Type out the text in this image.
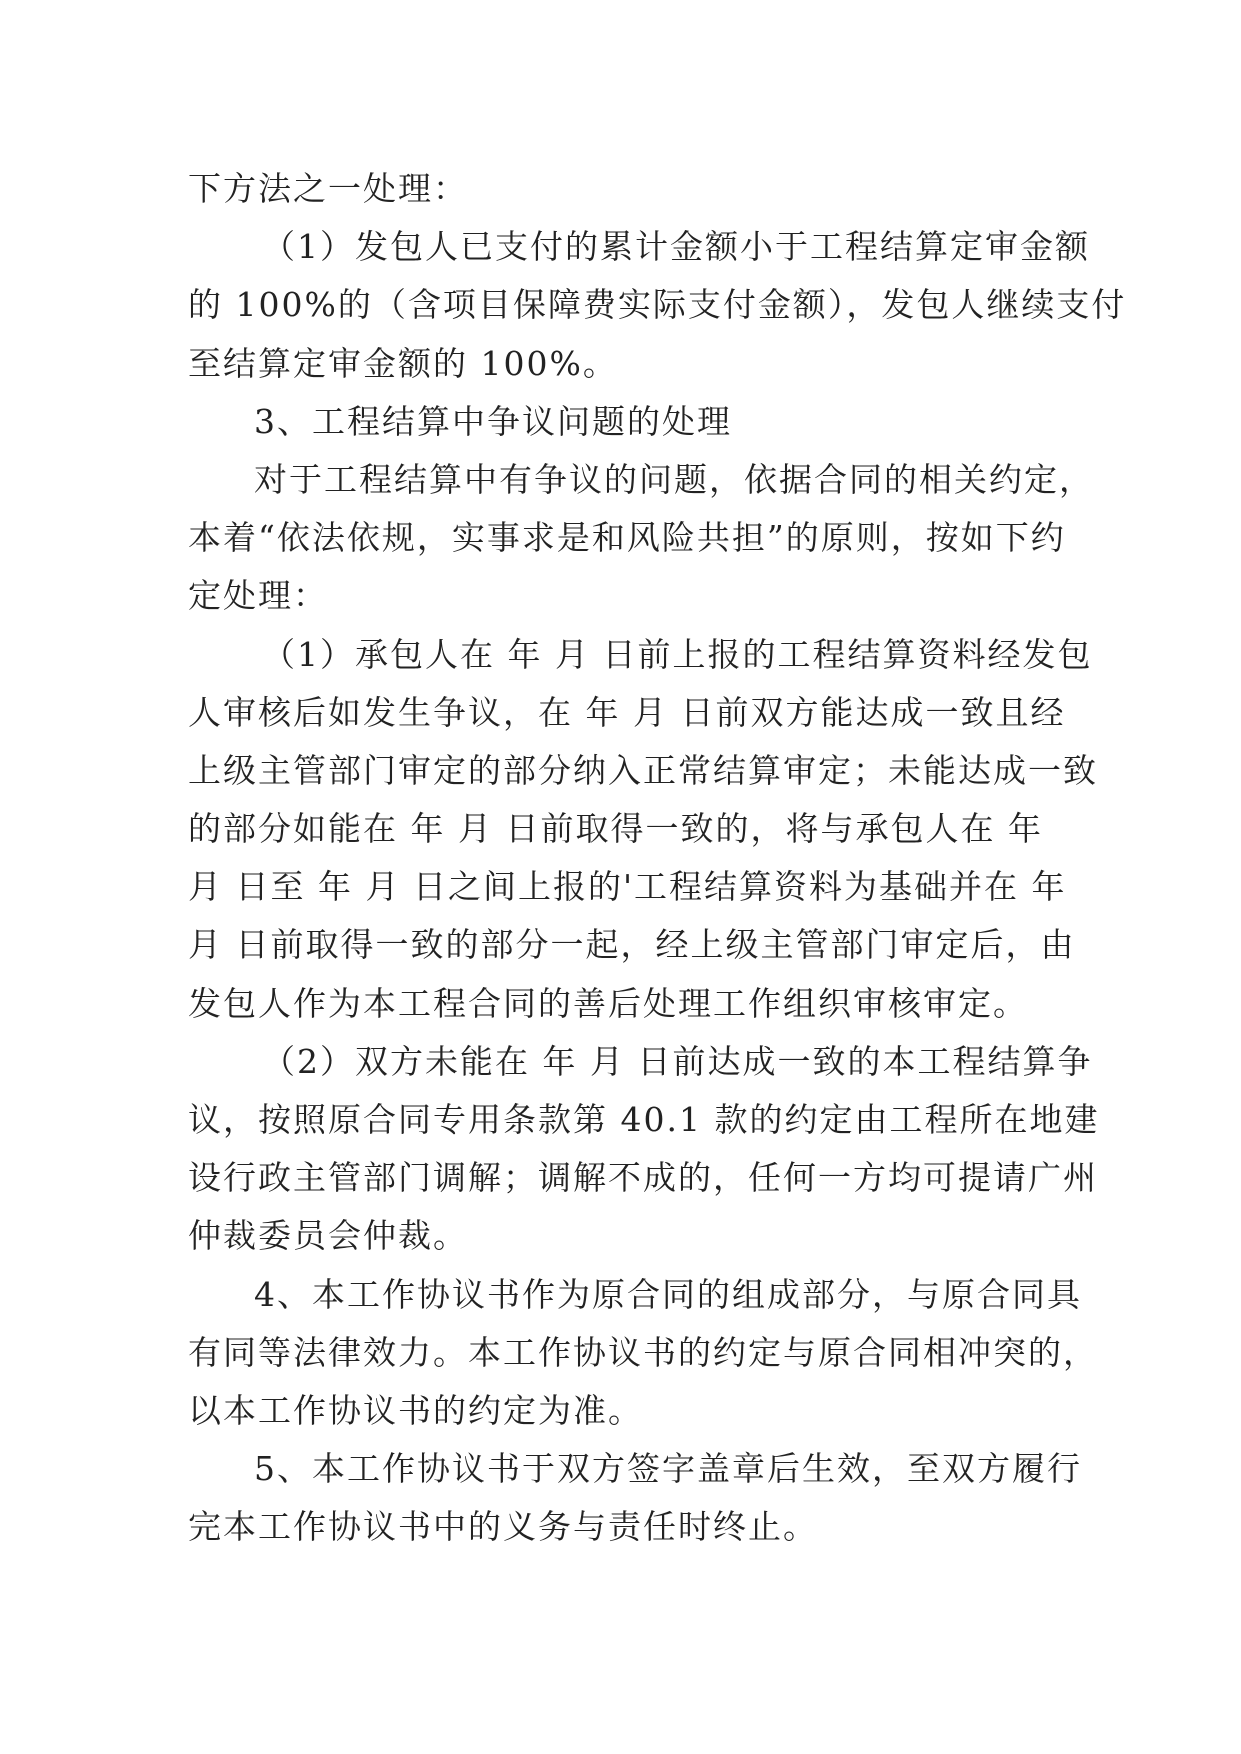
下方法之一处理：
（1）发包人已支付的累计金额小于工程结算定审金额
的 100%的（含项目保障费实际支付金额），发包人继续支付
至结算定审金额的 100%。
3、工程结算中争议问题的处理
对于工程结算中有争议的问题，依据合同的相关约定，
本着“依法依规，实事求是和风险共担”的原则，按如下约
定处理：
（1）承包人在 年 月 日前上报的工程结算资料经发包
人审核后如发生争议，在 年 月 日前双方能达成一致且经
上级主管部门审定的部分纳入正常结算审定；未能达成一致
的部分如能在 年 月 日前取得一致的，将与承包人在 年
月 日至 年 月 日之间上报的'工程结算资料为基础并在 年
月 日前取得一致的部分一起，经上级主管部门审定后，由
发包人作为本工程合同的善后处理工作组织审核审定。
（2）双方未能在 年 月 日前达成一致的本工程结算争
议，按照原合同专用条款第 40.1 款的约定由工程所在地建
设行政主管部门调解；调解不成的，任何一方均可提请广州
仲裁委员会仲裁。
4、本工作协议书作为原合同的组成部分，与原合同具
有同等法律效力。本工作协议书的约定与原合同相冲突的，
以本工作协议书的约定为准。
5、本工作协议书于双方签字盖章后生效，至双方履行
完本工作协议书中的义务与责任时终止。
